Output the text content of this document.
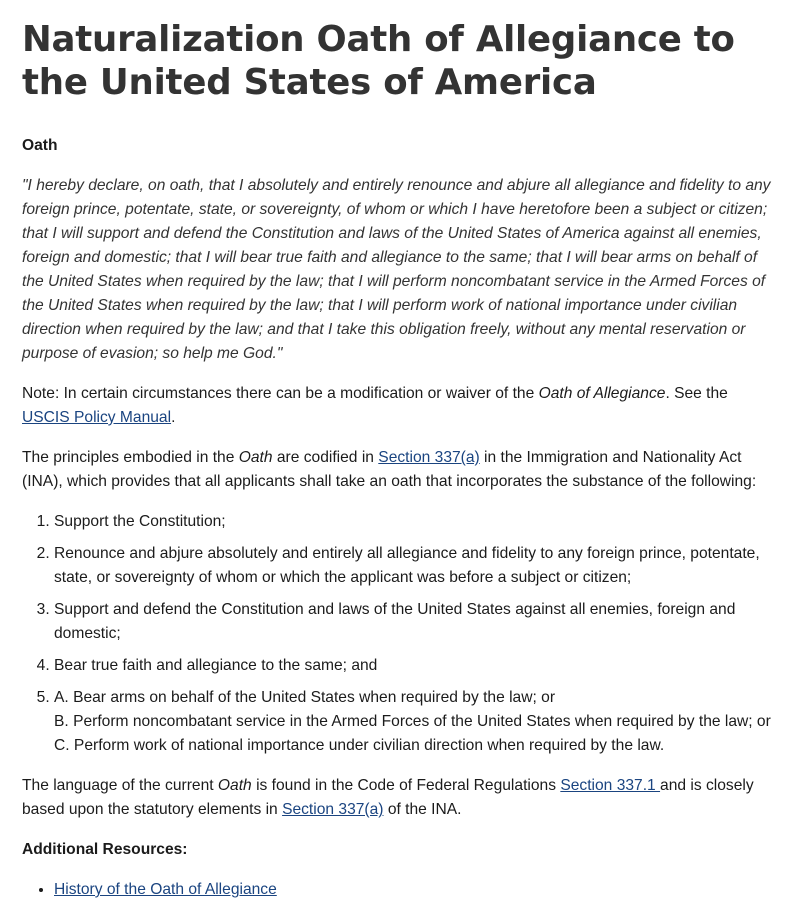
Naturalization Oath of Allegiance to the United States of America

Oath

"I hereby declare, on oath, that I absolutely and entirely renounce and abjure all allegiance and fidelity to any foreign prince, potentate, state, or sovereignty, of whom or which I have heretofore been a subject or citizen; that I will support and defend the Constitution and laws of the United States of America against all enemies, foreign and domestic; that I will bear true faith and allegiance to the same; that I will bear arms on behalf of the United States when required by the law; that I will perform noncombatant service in the Armed Forces of the United States when required by the law; that I will perform work of national importance under civilian direction when required by the law; and that I take this obligation freely, without any mental reservation or purpose of evasion; so help me God."

Note: In certain circumstances there can be a modification or waiver of the Oath of Allegiance. See the USCIS Policy Manual.

The principles embodied in the Oath are codified in Section 337(a) in the Immigration and Nationality Act (INA), which provides that all applicants shall take an oath that incorporates the substance of the following:

1. Support the Constitution;
2. Renounce and abjure absolutely and entirely all allegiance and fidelity to any foreign prince, potentate, state, or sovereignty of whom or which the applicant was before a subject or citizen;
3. Support and defend the Constitution and laws of the United States against all enemies, foreign and domestic;
4. Bear true faith and allegiance to the same; and
5. A. Bear arms on behalf of the United States when required by the law; or
B. Perform noncombatant service in the Armed Forces of the United States when required by the law; or
C. Perform work of national importance under civilian direction when required by the law.

The language of the current Oath is found in the Code of Federal Regulations Section 337.1 and is closely based upon the statutory elements in Section 337(a) of the INA.

Additional Resources:

• History of the Oath of Allegiance
